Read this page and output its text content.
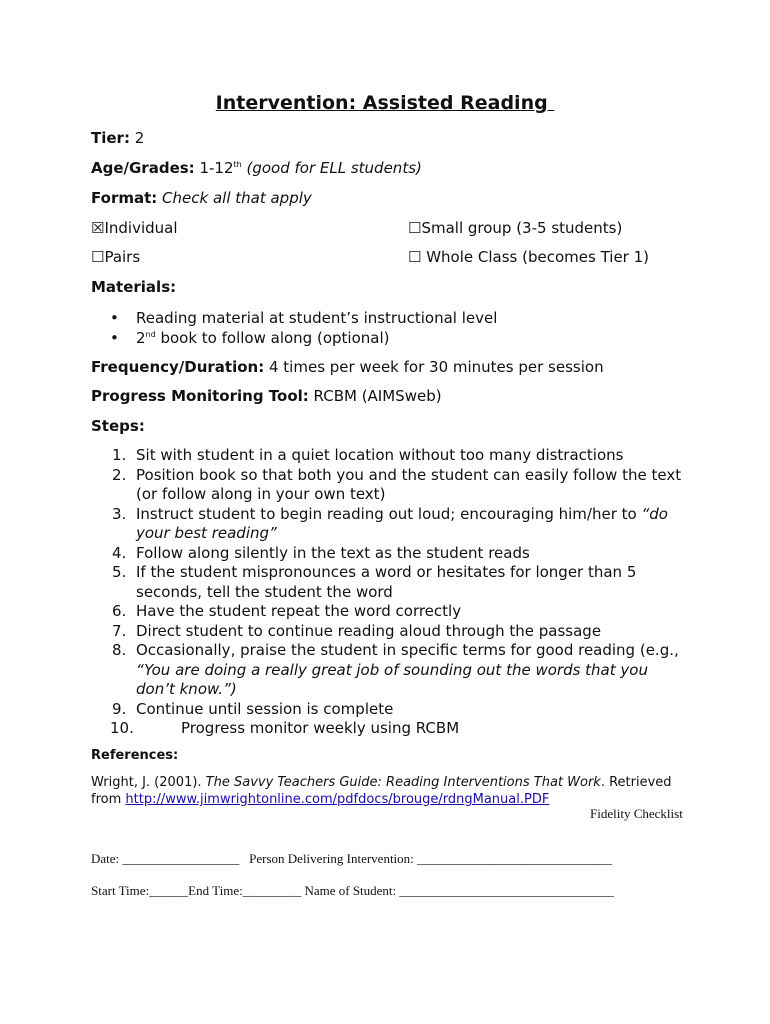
Intervention: Assisted Reading
Tier: 2
Age/Grades: 1-12th (good for ELL students)
Format: Check all that apply
☒Individual	☐Small group (3-5 students)
☐Pairs	☐ Whole Class (becomes Tier 1)
Materials:
• Reading material at student’s instructional level
• 2nd book to follow along (optional)
Frequency/Duration: 4 times per week for 30 minutes per session
Progress Monitoring Tool: RCBM (AIMSweb)
Steps:
1. Sit with student in a quiet location without too many distractions
2. Position book so that both you and the student can easily follow the text (or follow along in your own text)
3. Instruct student to begin reading out loud; encouraging him/her to “do your best reading”
4. Follow along silently in the text as the student reads
5. If the student mispronounces a word or hesitates for longer than 5 seconds, tell the student the word
6. Have the student repeat the word correctly
7. Direct student to continue reading aloud through the passage
8. Occasionally, praise the student in specific terms for good reading (e.g., “You are doing a really great job of sounding out the words that you don’t know.”)
9. Continue until session is complete
10.	Progress monitor weekly using RCBM
References:
Wright, J. (2001). The Savvy Teachers Guide: Reading Interventions That Work. Retrieved from http://www.jimwrightonline.com/pdfdocs/brouge/rdngManual.PDF
Fidelity Checklist
Date: __________________   Person Delivering Intervention: ______________________________
Start Time:______End Time:_________ Name of Student: _________________________________
